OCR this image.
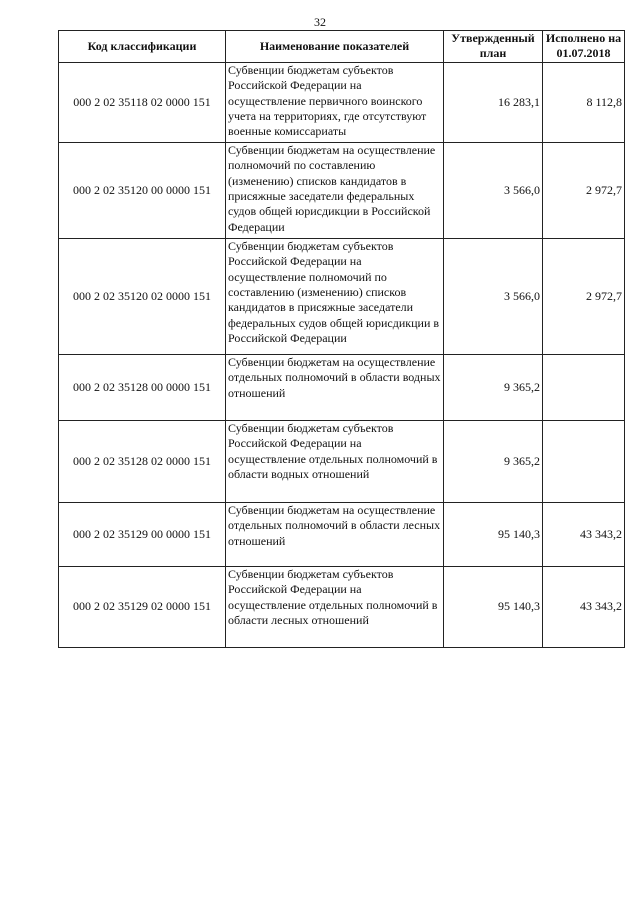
32
Код классификации	Наименование показателей	Утвержденный план	Исполнено на 01.07.2018
000 2 02 35118 02 0000 151	Субвенции бюджетам субъектов Российской Федерации на осуществление первичного воинского учета на территориях, где отсутствуют военные комиссариаты	16 283,1	8 112,8
000 2 02 35120 00 0000 151	Субвенции бюджетам на осуществление полномочий по составлению (изменению) списков кандидатов в присяжные заседатели федеральных судов общей юрисдикции в Российской Федерации	3 566,0	2 972,7
000 2 02 35120 02 0000 151	Субвенции бюджетам субъектов Российской Федерации на осуществление полномочий по составлению (изменению) списков кандидатов в присяжные заседатели федеральных судов общей юрисдикции в Российской Федерации	3 566,0	2 972,7
000 2 02 35128 00 0000 151	Субвенции бюджетам на осуществление отдельных полномочий в области водных отношений	9 365,2	
000 2 02 35128 02 0000 151	Субвенции бюджетам субъектов Российской Федерации на осуществление отдельных полномочий в области водных отношений	9 365,2	
000 2 02 35129 00 0000 151	Субвенции бюджетам на осуществление отдельных полномочий в области лесных отношений	95 140,3	43 343,2
000 2 02 35129 02 0000 151	Субвенции бюджетам субъектов Российской Федерации на осуществление отдельных полномочий в области лесных отношений	95 140,3	43 343,2
